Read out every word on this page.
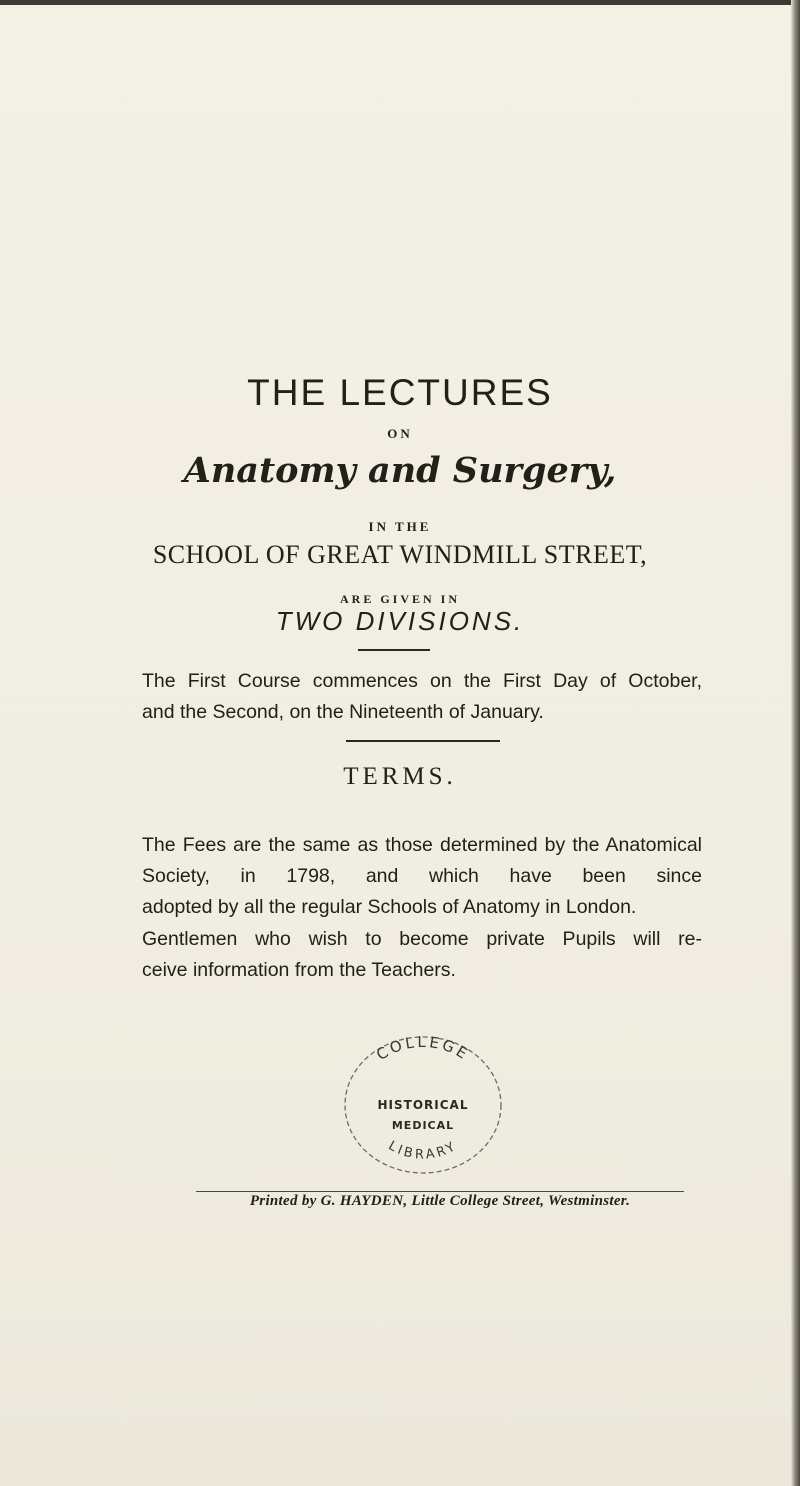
THE LECTURES
ON
Anatomy and Surgery,
IN THE
SCHOOL OF GREAT WINDMILL STREET,
ARE GIVEN IN
TWO DIVISIONS.
The First Course commences on the First Day of October,
and the Second, on the Nineteenth of January.
TERMS.
The Fees are the same as those determined by the Anatomical Society, in 1798, and which have been since
adopted by all the regular Schools of Anatomy in London.
Gentlemen who wish to become private Pupils will re-
ceive information from the Teachers.
COLLEGE
HISTORICAL
MEDICAL
LIBRARY
Printed by G. HAYDEN, Little College Street, Westminster.
